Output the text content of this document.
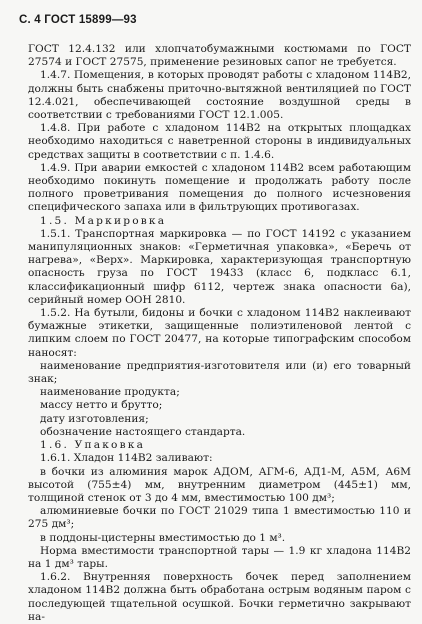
С. 4 ГОСТ 15899—93

ГОСТ 12.4.132 или хлопчатобумажными костюмами по ГОСТ 27574 и ГОСТ 27575, применение резиновых сапог не требуется.

1.4.7. Помещения, в которых проводят работы с хладоном 114В2, должны быть снабжены приточно-вытяжной вентиляцией по ГОСТ 12.4.021, обеспечивающей состояние воздушной среды в соответствии с требованиями ГОСТ 12.1.005.

1.4.8. При работе с хладоном 114В2 на открытых площадках необходимо находиться с наветренной стороны в индивидуальных средствах защиты в соответствии с п. 1.4.6.

1.4.9. При аварии емкостей с хладоном 114В2 всем работающим необходимо покинуть помещение и продолжать работу после полного проветривания помещения до полного исчезновения специфического запаха или в фильтрующих противогазах.

1.5. Маркировка

1.5.1. Транспортная маркировка — по ГОСТ 14192 с указанием манипуляционных знаков: «Герметичная упаковка», «Беречь от нагрева», «Верх». Маркировка, характеризующая транспортную опасность груза по ГОСТ 19433 (класс 6, подкласс 6.1, классификационный шифр 6112, чертеж знака опасности 6а), серийный номер ООН 2810.

1.5.2. На бутыли, бидоны и бочки с хладоном 114В2 наклеивают бумажные этикетки, защищенные полиэтиленовой лентой с липким слоем по ГОСТ 20477, на которые типографским способом наносят:

наименование предприятия-изготовителя или (и) его товарный знак;

наименование продукта;

массу нетто и брутто;

дату изготовления;

обозначение настоящего стандарта.

1.6. Упаковка

1.6.1. Хладон 114В2 заливают:

в бочки из алюминия марок АДОМ, АГМ-6, АД1-М, А5М, А6М высотой (755±4) мм, внутренним диаметром (445±1) мм, толщиной стенок от 3 до 4 мм, вместимостью 100 дм³;

алюминиевые бочки по ГОСТ 21029 типа 1 вместимостью 110 и 275 дм³;

в поддоны-цистерны вместимостью до 1 м³.

Норма вместимости транспортной тары — 1.9 кг хладона 114В2 на 1 дм³ тары.

1.6.2. Внутренняя поверхность бочек перед заполнением хладоном 114В2 должна быть обработана острым водяным паром с последующей тщательной осушкой. Бочки герметично закрывают на-
